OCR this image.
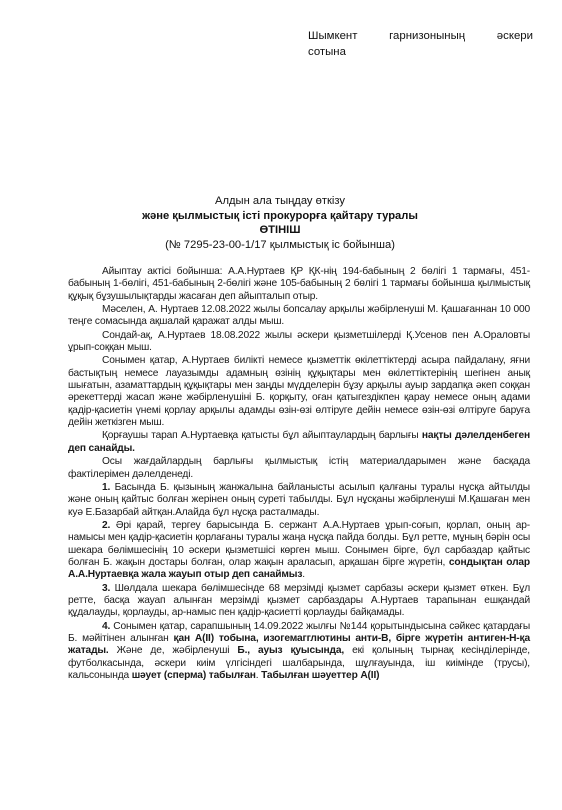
Шымкент	гарнизонының	әскери
сотына
Алдын ала тыңдау өткізу
және қылмыстық істі прокурорға қайтару туралы
ӨТІНІШ
(№ 7295-23-00-1/17 қылмыстық іс бойынша)

Айыптау актісі бойынша: А.А.Нуртаев ҚР ҚК-нің 194-бабының 2 бөлігі 1 тармағы, 451-бабының 1-бөлігі, 451-бабының 2-бөлігі және 105-бабының 2 бөлігі 1 тармағы бойынша қылмыстық құқық бұзушылықтарды жасаған деп айыпталып отыр.

Мәселен, А. Нуртаев 12.08.2022 жылы бопсалау арқылы жәбірленуші М. Қашағаннан 10 000 теңге сомасында ақшалай қаражат алды мыш.

Сондай-ақ, А.Нуртаев 18.08.2022 жылы әскери қызметшілерді Қ.Усенов пен А.Ораловты ұрып-соққан мыш.

Сонымен қатар, А.Нуртаев билікті немесе қызметтік өкілеттіктерді асыра пайдалану, яғни бастықтың немесе лауазымды адамның өзінің құқықтары мен өкілеттіктерінің шегінен анық шығатын, азаматтардың құқықтары мен заңды мүдделерін бұзу арқылы ауыр зардапқа әкеп соққан әрекеттерді жасап және жәбірленушіні Б. қорқыту, оған қатыгездікпен қарау немесе оның адами қадір-қасиетін үнемі қорлау арқылы адамды өзін-өзі өлтіруге дейін немесе өзін-өзі өлтіруге баруға дейін жеткізген мыш.

Қорғаушы тарап А.Нуртаевқа қатысты бұл айыптаулардың барлығы нақты дәлелденбеген деп санайды.

Осы жағдайлардың барлығы қылмыстық істің материалдарымен және басқада фактілерімен дәлелденеді.

1. Басында Б. қызының жанжалына байланысты асылып қалғаны туралы нұсқа айтылды және оның қайтыс болған жерінен оның суреті табылды. Бұл нұсқаны жәбірленуші М.Қашаған мен куә Е.Базарбай айтқан.Алайда бұл нұсқа расталмады.

2. Әрі қарай, тергеу барысында Б. сержант А.А.Нуртаев ұрып-соғып, қорлап, оның ар-намысы мен қадір-қасиетін қорлағаны туралы жаңа нұсқа пайда болды. Бұл ретте, мұның бәрін осы шекара бөлімшесінің 10 әскери қызметшісі көрген мыш. Сонымен бірге, бұл сарбаздар қайтыс болған Б. жақын достары болған, олар жақын араласып, арқашан бірге жүретін, сондықтан олар А.А.Нуртаевқа жала жауып отыр деп санаймыз.

3. Шөлдала шекара бөлімшесінде 68 мерзімді қызмет сарбазы әскери қызмет өткен. Бұл ретте, басқа жауап алынған мерзімді қызмет сарбаздары А.Нуртаев тарапынан ешқандай құдалауды, қорлауды, ар-намыс пен қадір-қасиетті қорлауды байқамады.

4. Сонымен қатар, сарапшының 14.09.2022 жылғы №144 қорытындысына сәйкес қатардағы Б. мәйітінен алынған қан А(II) тобына, изогемагглютины анти-В, бірге жүретін антиген-Н-қа жатады. Және де, жәбірленуші Б., ауыз қуысында, екі қолының тырнақ кесінділерінде, футболкасында, әскери киім үлгісіндегі шалбарында, шұлғауында, іш киімінде (трусы), кальсонында шәует (сперма) табылған. Табылған шәуеттер А(II)
